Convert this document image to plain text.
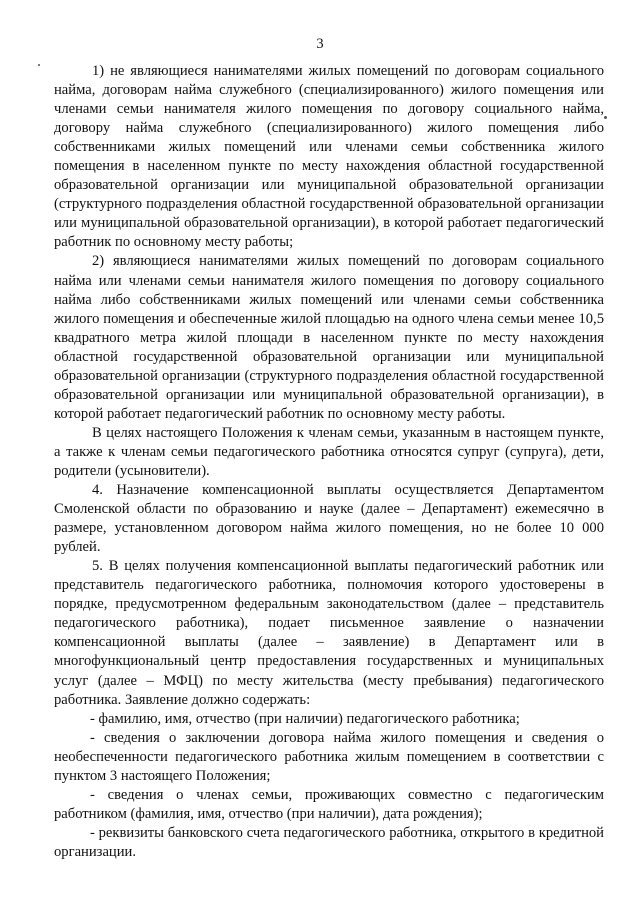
3

1) не являющиеся нанимателями жилых помещений по договорам социального найма, договорам найма служебного (специализированного) жилого помещения или членами семьи нанимателя жилого помещения по договору социального найма, договору найма служебного (специализированного) жилого помещения либо собственниками жилых помещений или членами семьи собственника жилого помещения в населенном пункте по месту нахождения областной государственной образовательной организации или муниципальной образовательной организации (структурного подразделения областной государственной образовательной организации или муниципальной образовательной организации), в которой работает педагогический работник по основному месту работы;

2) являющиеся нанимателями жилых помещений по договорам социального найма или членами семьи нанимателя жилого помещения по договору социального найма либо собственниками жилых помещений или членами семьи собственника жилого помещения и обеспеченные жилой площадью на одного члена семьи менее 10,5 квадратного метра жилой площади в населенном пункте по месту нахождения областной государственной образовательной организации или муниципальной образовательной организации (структурного подразделения областной государственной образовательной организации или муниципальной образовательной организации), в которой работает педагогический работник по основному месту работы.

В целях настоящего Положения к членам семьи, указанным в настоящем пункте, а также к членам семьи педагогического работника относятся супруг (супруга), дети, родители (усыновители).

4. Назначение компенсационной выплаты осуществляется Департаментом Смоленской области по образованию и науке (далее – Департамент) ежемесячно в размере, установленном договором найма жилого помещения, но не более 10 000 рублей.

5. В целях получения компенсационной выплаты педагогический работник или представитель педагогического работника, полномочия которого удостоверены в порядке, предусмотренном федеральным законодательством (далее – представитель педагогического работника), подает письменное заявление о назначении компенсационной выплаты (далее – заявление) в Департамент или в многофункциональный центр предоставления государственных и муниципальных услуг (далее – МФЦ) по месту жительства (месту пребывания) педагогического работника. Заявление должно содержать:

- фамилию, имя, отчество (при наличии) педагогического работника;

- сведения о заключении договора найма жилого помещения и сведения о необеспеченности педагогического работника жилым помещением в соответствии с пунктом 3 настоящего Положения;

- сведения о членах семьи, проживающих совместно с педагогическим работником (фамилия, имя, отчество (при наличии), дата рождения);

- реквизиты банковского счета педагогического работника, открытого в кредитной организации.
